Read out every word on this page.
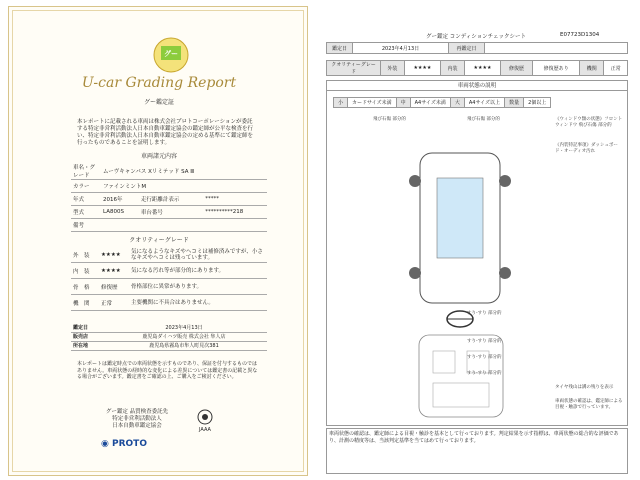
グー
U-car Grading Report
グー鑑定証
本レポートに記載される車両は株式会社プロトコーポレーションが委託する特定非営利活動法人日本自動車鑑定協会の鑑定師が公平な検査を行い、特定非営利活動法人日本自動車鑑定協会の定める基準にて鑑定師を行ったものであることを証明します。
車両諸元内容
車名・グレード	ムーヴキャンバス Xリミテッド SA Ⅲ		
カラー	ファインミントM		
年式	2016年	走行距離計表示	*****
型式	LA800S	車台番号	**********218
備考			
クオリティーグレード
外　装	★★★★	気になるようなキズやヘコミは補修済みですが、小さなキズやヘコミは残っています。
内　装	★★★★	気になる汚れ等が部分的にあります。
骨　格	修復歴	骨格部位に異常があります。
機　関	正常	主要機関に不具合はありません。
鑑定日	2023年4月13日
販売店	鹿児島ダイハツ販売 株式会社 隼人店
所在地	鹿児島県霧島市隼人町見次381
本レポートは鑑定時点での車両状態を示すものであり、保証を付与するものではありません。車両状態の経時的な変化による差異については鑑定書の記載と異なる場合がございます。鑑定書をご確認の上、ご購入をご検討ください。
グー鑑定 品質検査委託先
特定非営利活動法人
日本自動車鑑定協会
JAAA
◉ PROTO
グー鑑定 コンディションチェックシート	E07723D1304
鑑定日	2023年4月13日	再鑑定日	
クオリティーグレード	外装	★★★★	内装	★★★★	修復歴	修復歴あり	機関	正常
車両状態の説明
小	カードサイズ未満	中	A4サイズ未満	大	A4サイズ以上	数量	2個以上
飛び石傷 部分的	飛び石傷 部分的
すり-すり 部分的
すり-すり 部分的
すり-すり 部分的
すり-すり 部分的
《ウィンドウ類の状態》フロントウィンドウ 飛び石傷 部分的
《内装特記事項》ダッシュボード・オーディオ汚れ
タイヤ残山は溝の残りを表示
車両状態の確認は、鑑定師による目視・触診で行っています。
車両状態の確認は、鑑定師による目視・触診を基本として行っております。判定結果を示す指標は、車両状態の総合的な評価であり、計測の精度等は、当該判定基準を当てはめて行っております。
